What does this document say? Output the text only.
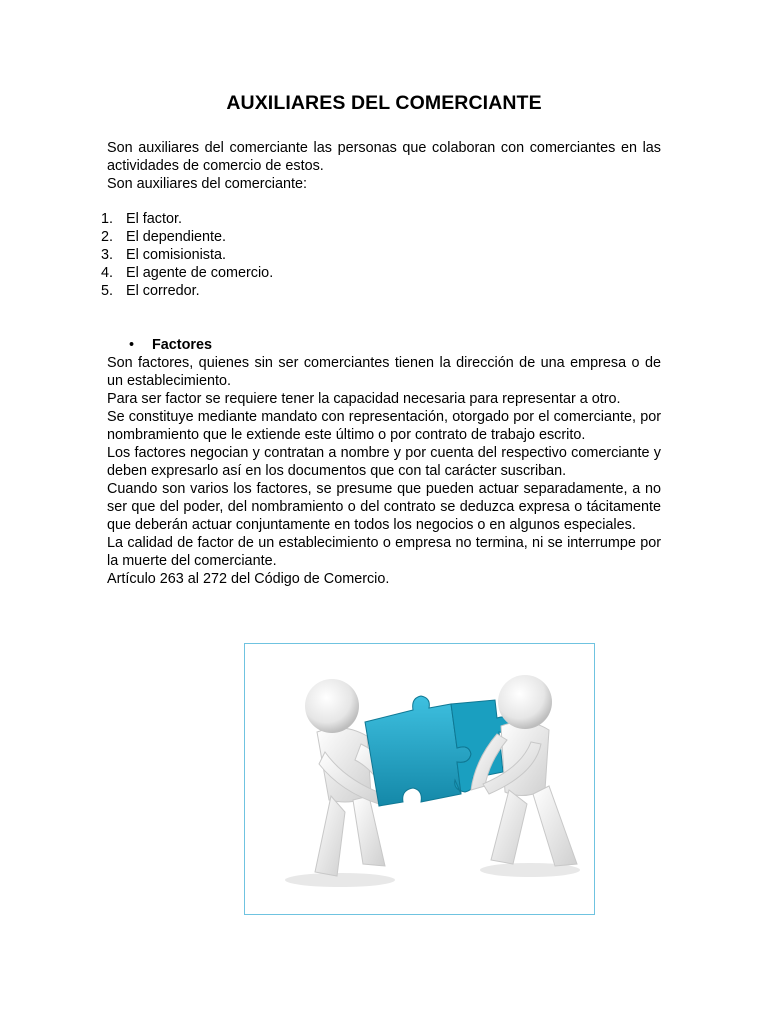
AUXILIARES DEL COMERCIANTE

Son auxiliares del comerciante las personas que colaboran con comerciantes en las actividades de comercio de estos.

Son auxiliares del comerciante:

1. El factor.
2. El dependiente.
3. El comisionista.
4. El agente de comercio.
5. El corredor.
•	Factores

Son factores, quienes sin ser comerciantes tienen la dirección de una empresa o de un establecimiento.

Para ser factor se requiere tener la capacidad necesaria para representar a otro.

Se constituye mediante mandato con representación, otorgado por el comerciante, por nombramiento que le extiende este último o por contrato de trabajo escrito.

Los factores negocian y contratan a nombre y por cuenta del respectivo comerciante y deben expresarlo así en los documentos que con tal carácter suscriban.

Cuando son varios los factores, se presume que pueden actuar separadamente, a no ser que del poder, del nombramiento o del contrato se deduzca expresa o tácitamente que deberán actuar conjuntamente en todos los negocios o en algunos especiales.

La calidad de factor de un establecimiento o empresa no termina, ni se interrumpe por la muerte del comerciante.

Artículo 263 al 272 del Código de Comercio.
